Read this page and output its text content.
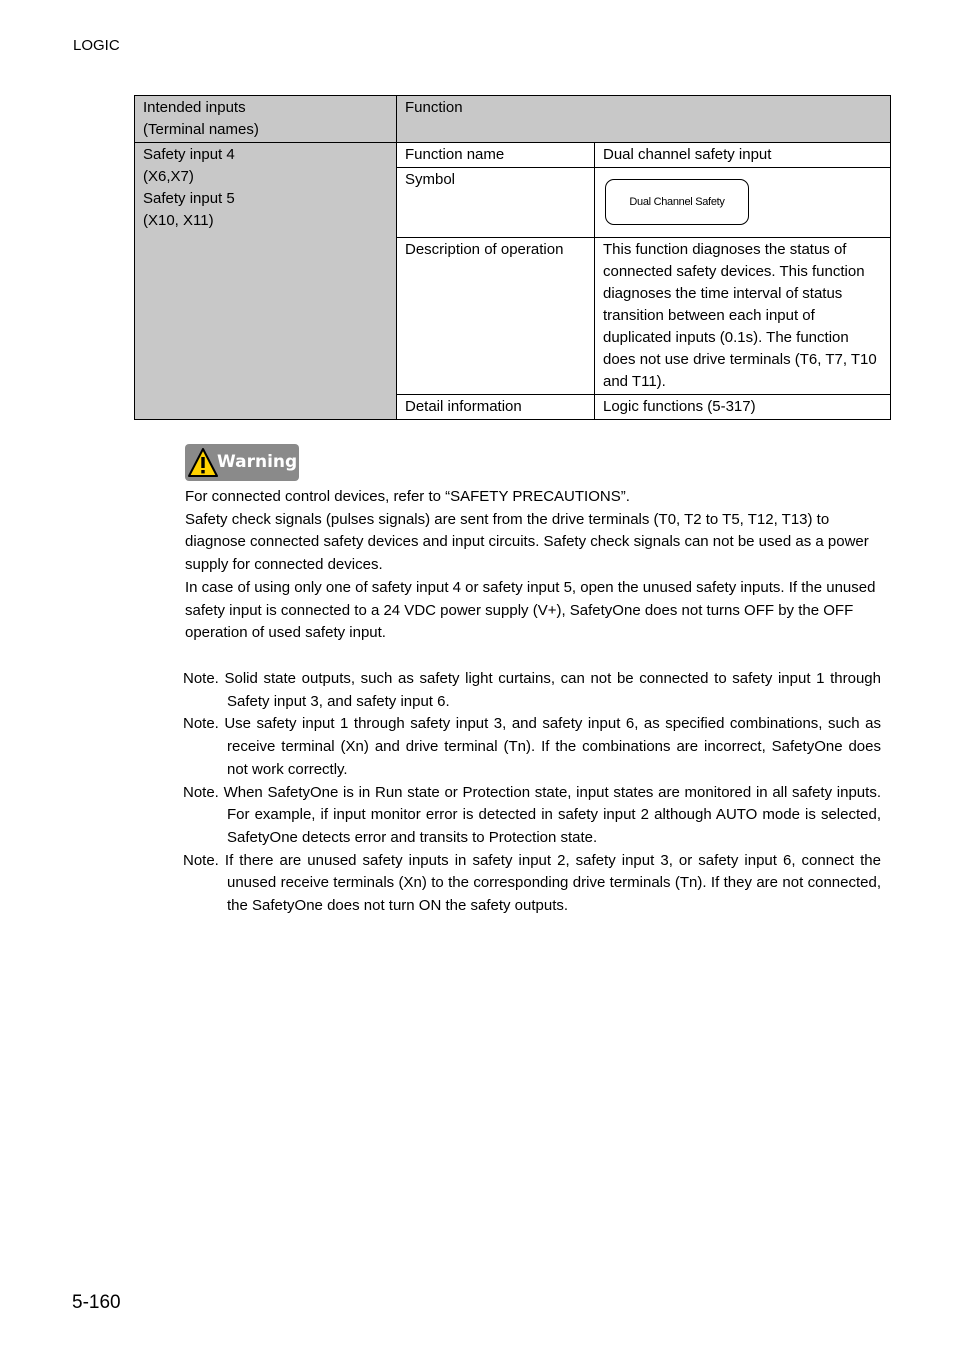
LOGIC
Intended inputs
(Terminal names)	Function	

Safety input 4
(X6,X7)
Safety input 5
(X10, X11)	Function name	Dual channel safety input
	Symbol	Dual Channel Safety
	Description of operation	This function diagnoses the status of connected safety devices. This function diagnoses the time interval of status transition between each input of duplicated inputs (0.1s). The function does not use drive terminals (T6, T7, T10 and T11).
	Detail information	Logic functions (5-317)
Warning

For connected control devices, refer to “SAFETY PRECAUTIONS”.

Safety check signals (pulses signals) are sent from the drive terminals (T0, T2 to T5, T12, T13) to diagnose connected safety devices and input circuits. Safety check signals can not be used as a power supply for connected devices.

In case of using only one of safety input 4 or safety input 5, open the unused safety inputs. If the unused safety input is connected to a 24 VDC power supply (V+), SafetyOne does not turns OFF by the OFF operation of used safety input.

Note. Solid state outputs, such as safety light curtains, can not be connected to safety input 1 through Safety input 3, and safety input 6.

Note. Use safety input 1 through safety input 3, and safety input 6, as specified combinations, such as receive terminal (Xn) and drive terminal (Tn). If the combinations are incorrect, SafetyOne does not work correctly.

Note. When SafetyOne is in Run state or Protection state, input states are monitored in all safety inputs. For example, if input monitor error is detected in safety input 2 although AUTO mode is selected, SafetyOne detects error and transits to Protection state.

Note. If there are unused safety inputs in safety input 2, safety input 3, or safety input 6, connect the unused receive terminals (Xn) to the corresponding drive terminals (Tn). If they are not connected, the SafetyOne does not turn ON the safety outputs.

5-160
